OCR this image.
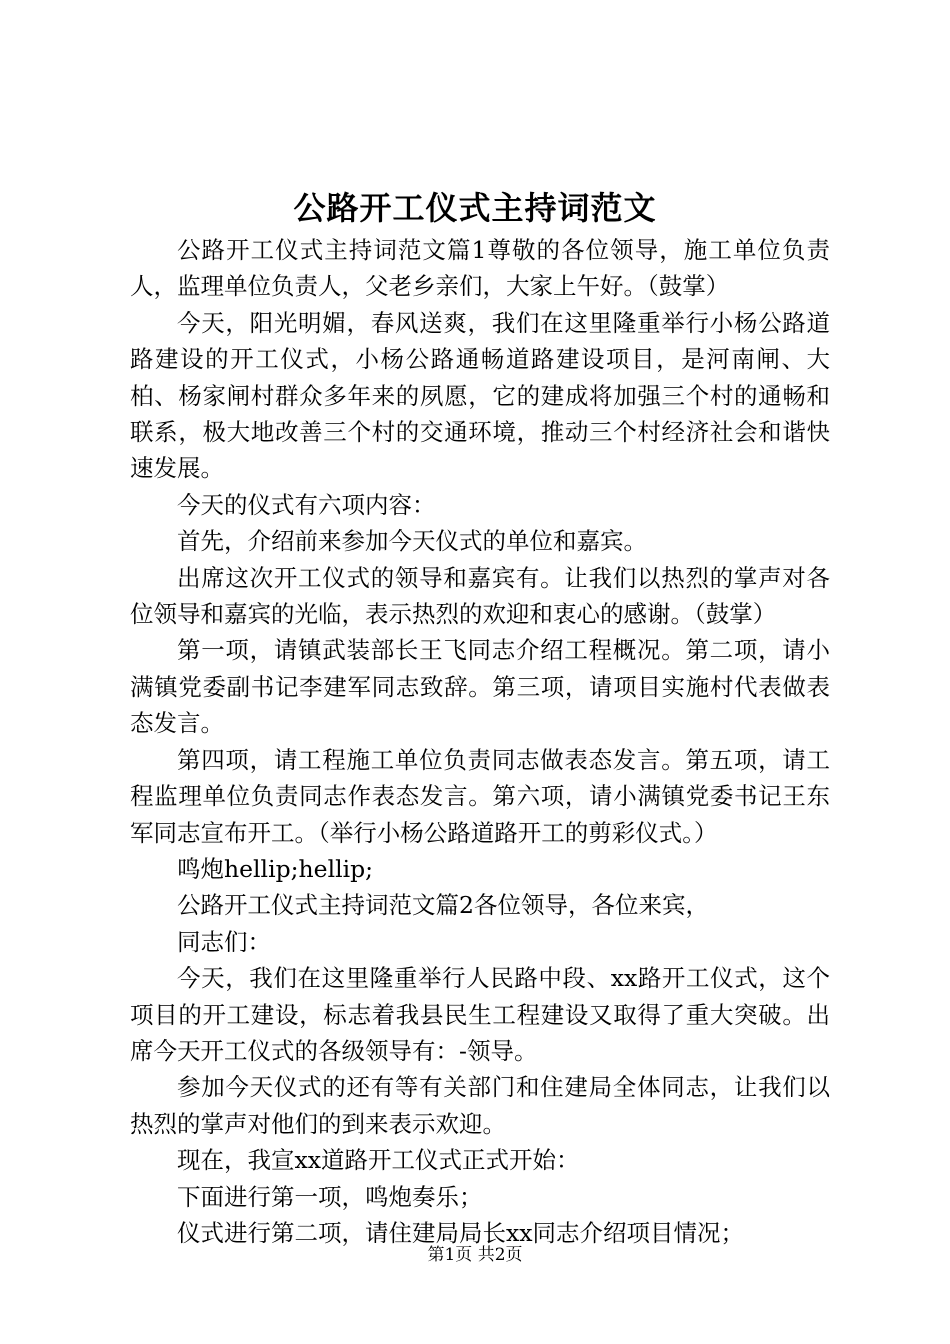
公路开工仪式主持词范文

公路开工仪式主持词范文篇1尊敬的各位领导，施工单位负责人，监理单位负责人，父老乡亲们，大家上午好。（鼓掌）

今天，阳光明媚，春风送爽，我们在这里隆重举行小杨公路道路建设的开工仪式，小杨公路通畅道路建设项目，是河南闸、大柏、杨家闸村群众多年来的夙愿，它的建成将加强三个村的通畅和联系，极大地改善三个村的交通环境，推动三个村经济社会和谐快速发展。

今天的仪式有六项内容：

首先，介绍前来参加今天仪式的单位和嘉宾。

出席这次开工仪式的领导和嘉宾有。让我们以热烈的掌声对各位领导和嘉宾的光临，表示热烈的欢迎和衷心的感谢。（鼓掌）

第一项，请镇武装部长王飞同志介绍工程概况。第二项，请小满镇党委副书记李建军同志致辞。第三项，请项目实施村代表做表态发言。

第四项，请工程施工单位负责同志做表态发言。第五项，请工程监理单位负责同志作表态发言。第六项，请小满镇党委书记王东军同志宣布开工。（举行小杨公路道路开工的剪彩仪式。）

鸣炮hellip;hellip;

公路开工仪式主持词范文篇2各位领导，各位来宾，

同志们：

今天，我们在这里隆重举行人民路中段、xx路开工仪式，这个项目的开工建设，标志着我县民生工程建设又取得了重大突破。出席今天开工仪式的各级领导有：-领导。

参加今天仪式的还有等有关部门和住建局全体同志，让我们以热烈的掌声对他们的到来表示欢迎。

现在，我宣xx道路开工仪式正式开始：

下面进行第一项，鸣炮奏乐；

仪式进行第二项，请住建局局长xx同志介绍项目情况；

第1页 共2页
